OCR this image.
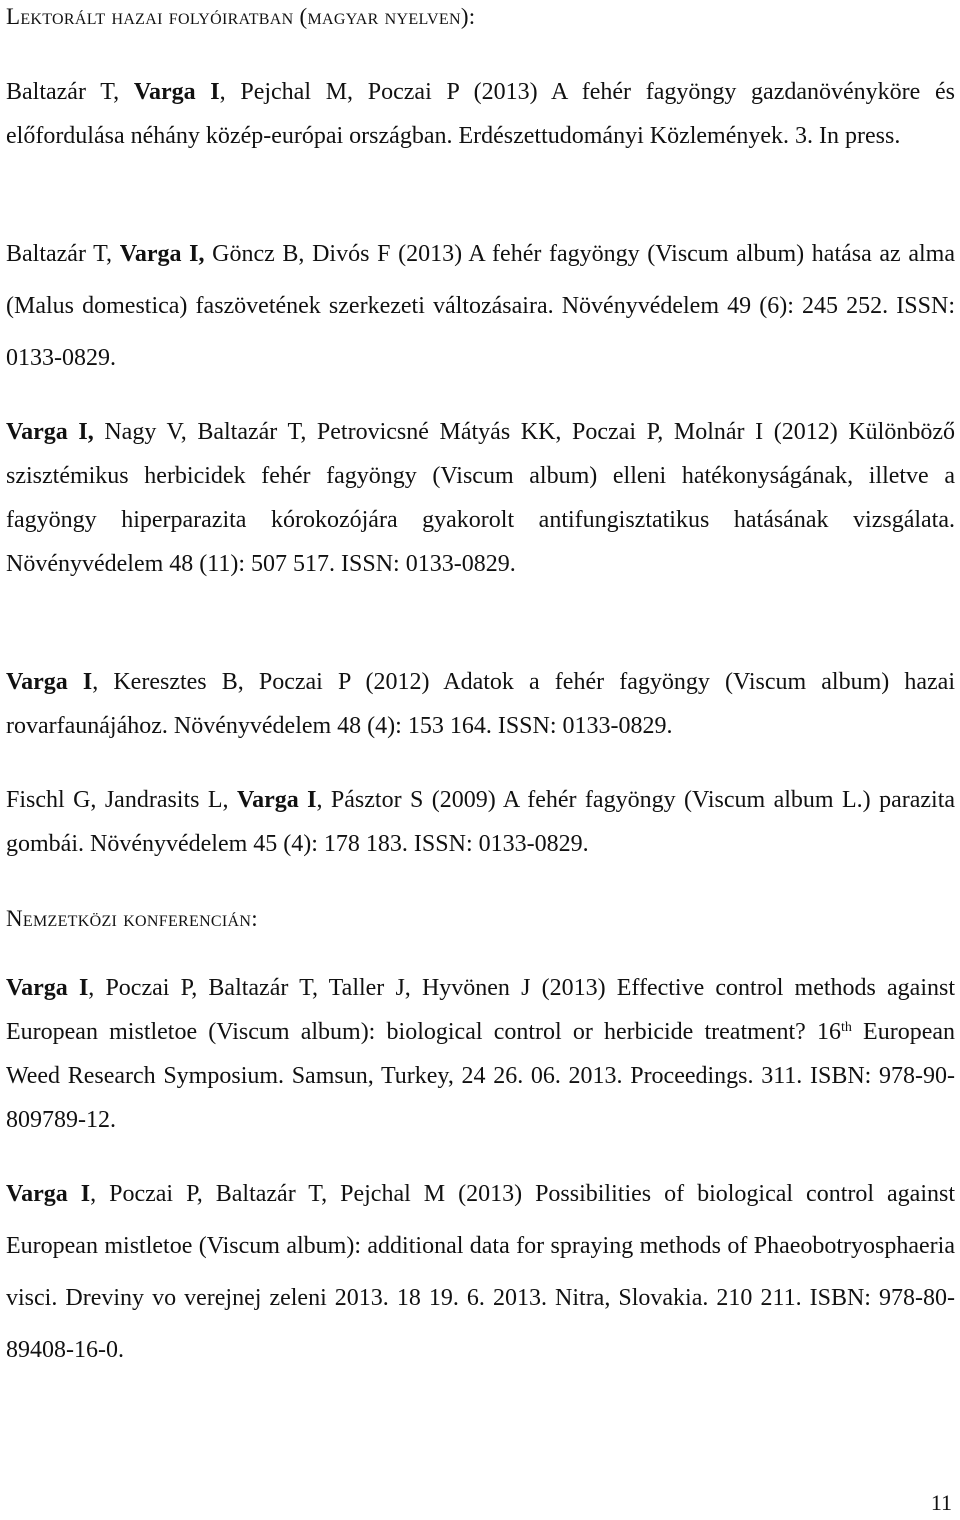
Lektorált hazai folyóiratban (magyar nyelven):
Baltazár T, Varga I, Pejchal M, Poczai P (2013) A fehér fagyöngy gazdanövényköre és előfordulása néhány közép-európai országban. Erdészettudományi Közlemények. 3. In press.
Baltazár T, Varga I, Göncz B, Divós F (2013) A fehér fagyöngy (Viscum album) hatása az alma (Malus domestica) faszövetének szerkezeti változásaira. Növényvédelem 49 (6): 245 252. ISSN: 0133-0829.
Varga I, Nagy V, Baltazár T, Petrovicsné Mátyás KK, Poczai P, Molnár I (2012) Különböző szisztémikus herbicidek fehér fagyöngy (Viscum album) elleni hatékonyságának, illetve a fagyöngy hiperparazita kórokozójára gyakorolt antifungisztatikus hatásának vizsgálata. Növényvédelem 48 (11): 507 517. ISSN: 0133-0829.
Varga I, Keresztes B, Poczai P (2012) Adatok a fehér fagyöngy (Viscum album) hazai rovarfaunájához. Növényvédelem 48 (4): 153 164. ISSN: 0133-0829.
Fischl G, Jandrasits L, Varga I, Pásztor S (2009) A fehér fagyöngy (Viscum album L.) parazita gombái. Növényvédelem 45 (4): 178 183. ISSN: 0133-0829.
Nemzetközi konferencián:
Varga I, Poczai P, Baltazár T, Taller J, Hyvönen J (2013) Effective control methods against European mistletoe (Viscum album): biological control or herbicide treatment? 16th European Weed Research Symposium. Samsun, Turkey, 24 26. 06. 2013. Proceedings. 311. ISBN: 978-90-809789-12.
Varga I, Poczai P, Baltazár T, Pejchal M (2013) Possibilities of biological control against European mistletoe (Viscum album): additional data for spraying methods of Phaeobotryosphaeria visci. Dreviny vo verejnej zeleni 2013. 18 19. 6. 2013. Nitra, Slovakia. 210 211. ISBN: 978-80-89408-16-0.
11
